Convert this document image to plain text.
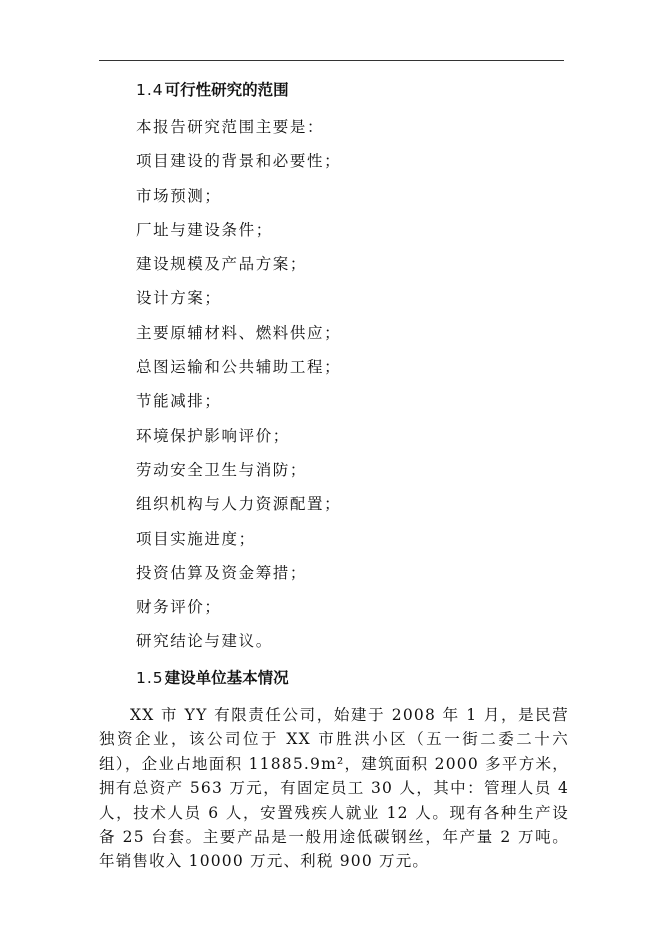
1.4可行性研究的范围
本报告研究范围主要是：
项目建设的背景和必要性；
市场预测；
厂址与建设条件；
建设规模及产品方案；
设计方案；
主要原辅材料、燃料供应；
总图运输和公共辅助工程；
节能减排；
环境保护影响评价；
劳动安全卫生与消防；
组织机构与人力资源配置；
项目实施进度；
投资估算及资金筹措；
财务评价；
研究结论与建议。
1.5建设单位基本情况

XX 市 YY 有限责任公司，始建于 2008 年 1 月，是民营独资企业，该公司位于 XX 市胜洪小区（五一街二委二十六组），企业占地面积 11885.9m²，建筑面积 2000 多平方米，拥有总资产 563 万元，有固定员工 30 人，其中：管理人员 4 人，技术人员 6 人，安置残疾人就业 12 人。现有各种生产设备 25 台套。主要产品是一般用途低碳钢丝，年产量 2 万吨。年销售收入 10000 万元、利税 900 万元。
